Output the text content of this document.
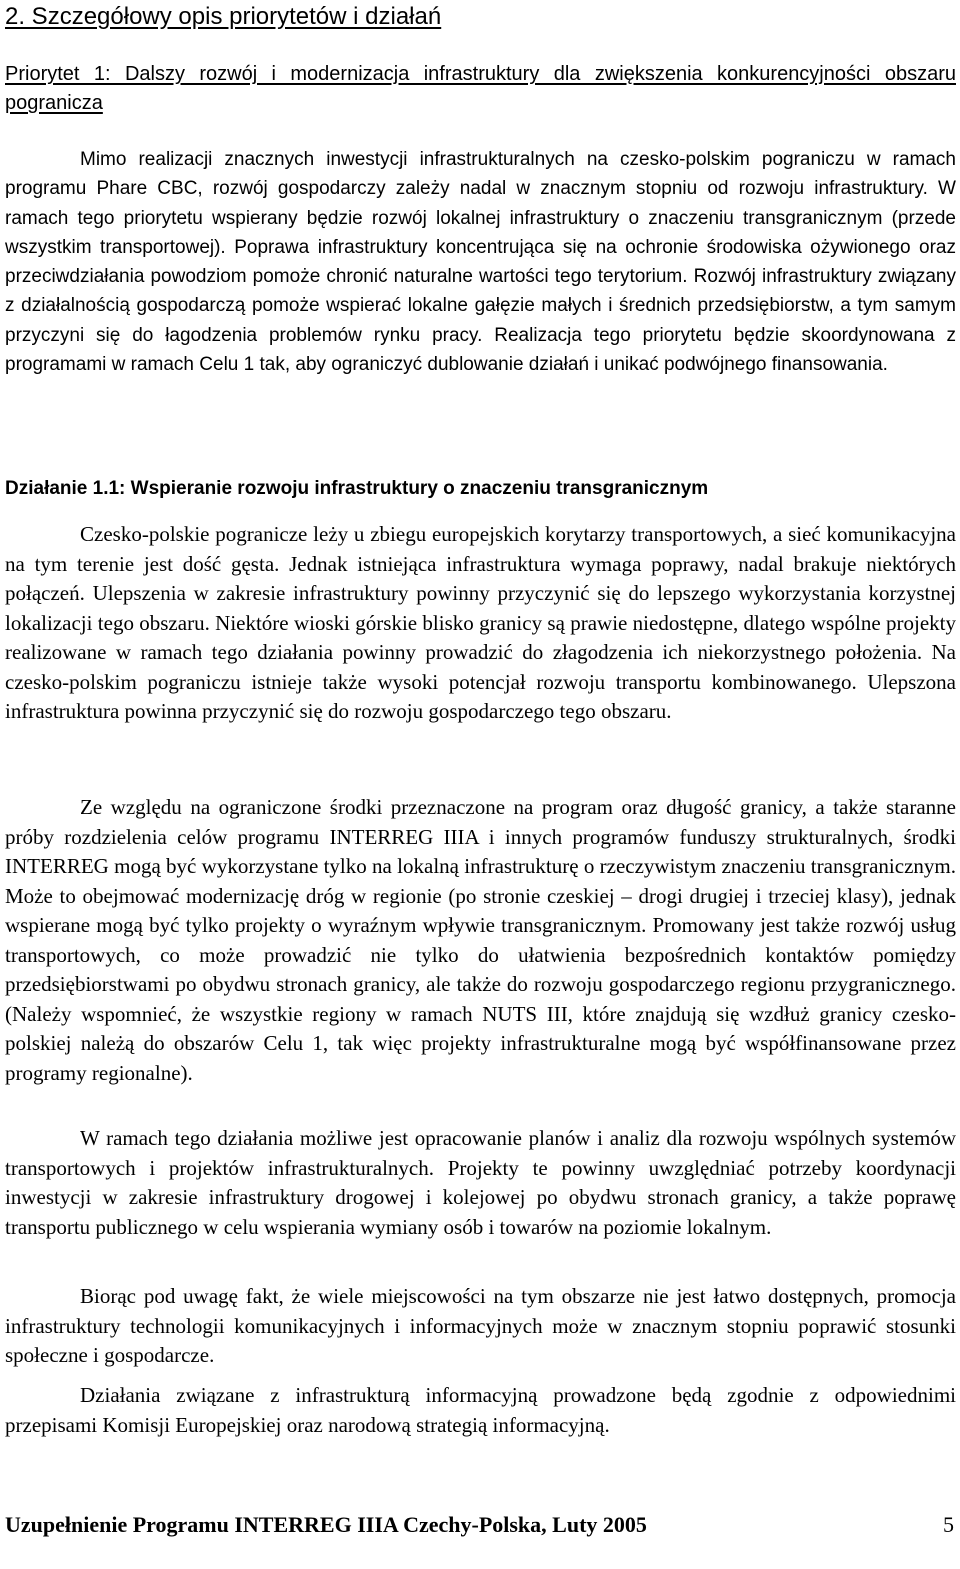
2. Szczegółowy opis priorytetów i działań
Priorytet 1: Dalszy rozwój i modernizacja infrastruktury dla zwiększenia konkurencyjności obszaru pogranicza

Mimo realizacji znacznych inwestycji infrastrukturalnych na czesko-polskim pograniczu w ramach programu Phare CBC, rozwój gospodarczy zależy nadal w znacznym stopniu od rozwoju infrastruktury. W ramach tego priorytetu wspierany będzie rozwój lokalnej infrastruktury o znaczeniu transgranicznym (przede wszystkim transportowej). Poprawa infrastruktury koncentrująca się na ochronie środowiska ożywionego oraz przeciwdziałania powodziom pomoże chronić naturalne wartości tego terytorium. Rozwój infrastruktury związany z działalnością gospodarczą pomoże wspierać lokalne gałęzie małych i średnich przedsiębiorstw, a tym samym przyczyni się do łagodzenia problemów rynku pracy. Realizacja tego priorytetu będzie skoordynowana z programami w ramach Celu 1 tak, aby ograniczyć dublowanie działań i unikać podwójnego finansowania.

Działanie 1.1: Wspieranie rozwoju infrastruktury o znaczeniu transgranicznym

Czesko-polskie pogranicze leży u zbiegu europejskich korytarzy transportowych, a sieć komunikacyjna na tym terenie jest dość gęsta. Jednak istniejąca infrastruktura wymaga poprawy, nadal brakuje niektórych połączeń. Ulepszenia w zakresie infrastruktury powinny przyczynić się do lepszego wykorzystania korzystnej lokalizacji tego obszaru. Niektóre wioski górskie blisko granicy są prawie niedostępne, dlatego wspólne projekty realizowane w ramach tego działania powinny prowadzić do złagodzenia ich niekorzystnego położenia. Na czesko-polskim pograniczu istnieje także wysoki potencjał rozwoju transportu kombinowanego. Ulepszona infrastruktura powinna przyczynić się do rozwoju gospodarczego tego obszaru.

Ze względu na ograniczone środki przeznaczone na program oraz długość granicy, a także staranne próby rozdzielenia celów programu INTERREG IIIA i innych programów funduszy strukturalnych, środki INTERREG mogą być wykorzystane tylko na lokalną infrastrukturę o rzeczywistym znaczeniu transgranicznym. Może to obejmować modernizację dróg w regionie (po stronie czeskiej – drogi drugiej i trzeciej klasy), jednak wspierane mogą być tylko projekty o wyraźnym wpływie transgranicznym. Promowany jest także rozwój usług transportowych, co może prowadzić nie tylko do ułatwienia bezpośrednich kontaktów pomiędzy przedsiębiorstwami po obydwu stronach granicy, ale także do rozwoju gospodarczego regionu przygranicznego. (Należy wspomnieć, że wszystkie regiony w ramach NUTS III, które znajdują się wzdłuż granicy czesko-polskiej należą do obszarów Celu 1, tak więc projekty infrastrukturalne mogą być współfinansowane przez programy regionalne).

W ramach tego działania możliwe jest opracowanie planów i analiz dla rozwoju wspólnych systemów transportowych i projektów infrastrukturalnych. Projekty te powinny uwzględniać potrzeby koordynacji inwestycji w zakresie infrastruktury drogowej i kolejowej po obydwu stronach granicy, a także poprawę transportu publicznego w celu wspierania wymiany osób i towarów na poziomie lokalnym.

Biorąc pod uwagę fakt, że wiele miejscowości na tym obszarze nie jest łatwo dostępnych, promocja infrastruktury technologii komunikacyjnych i informacyjnych może w znacznym stopniu poprawić stosunki społeczne i gospodarcze.

Działania związane z infrastrukturą informacyjną prowadzone będą zgodnie z odpowiednimi przepisami Komisji Europejskiej oraz narodową strategią informacyjną.

Uzupełnienie Programu INTERREG IIIA Czechy-Polska, Luty 2005	5
